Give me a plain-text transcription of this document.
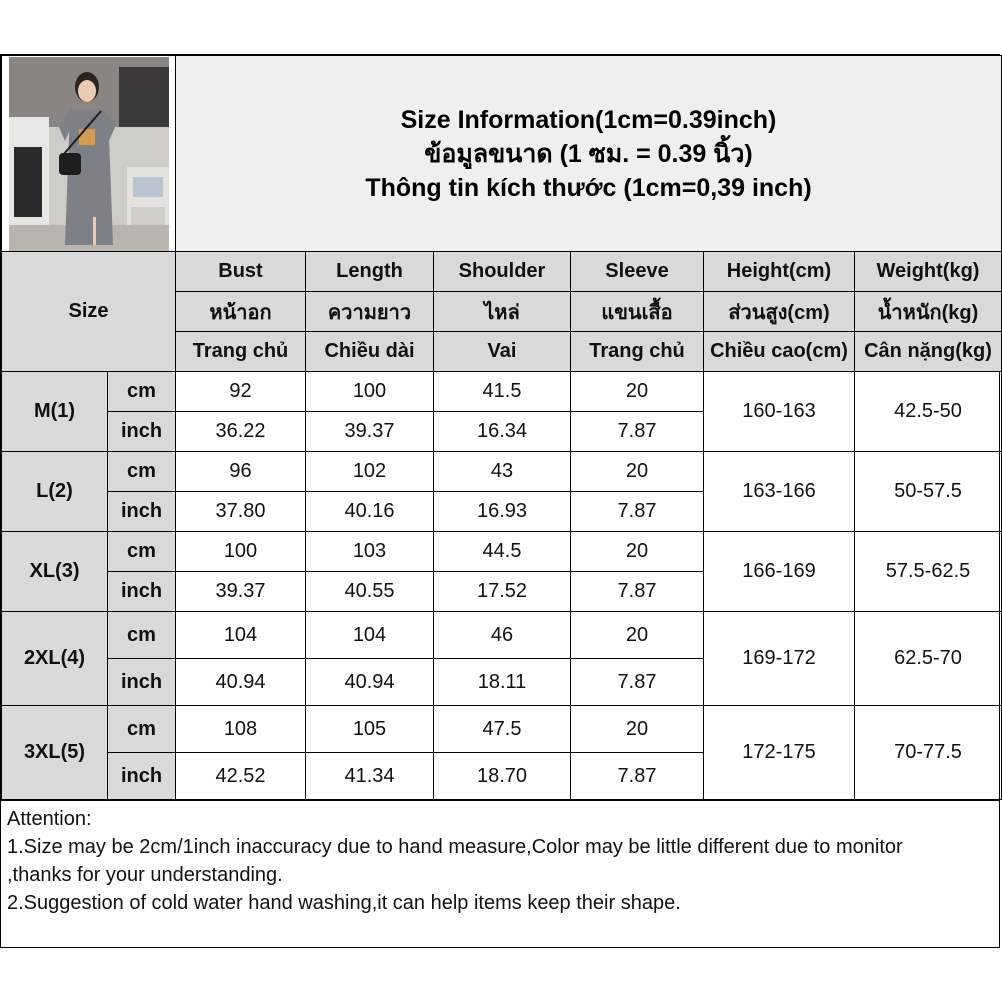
Size Information(1cm=0.39inch)
ข้อมูลขนาด (1 ซม. = 0.39 นิ้ว)
Thông tin kích thước (1cm=0,39 inch)					

Size		Bust	Length	Shoulder	Sleeve	Height(cm)	Weight(kg)
		หน้าอก	ความยาว	ไหล่	แขนเสื้อ	ส่วนสูง(cm)	น้ำหนัก(kg)
		Trang chủ	Chiều dài	Vai	Trang chủ	Chiều cao(cm)	Cân nặng(kg)
M(1)	cm	92	100	41.5	20	160-163	42.5-50
	inch	36.22	39.37	16.34	7.87		
L(2)	cm	96	102	43	20	163-166	50-57.5
	inch	37.80	40.16	16.93	7.87		
XL(3)	cm	100	103	44.5	20	166-169	57.5-62.5
	inch	39.37	40.55	17.52	7.87		
2XL(4)	cm	104	104	46	20	169-172	62.5-70
	inch	40.94	40.94	18.11	7.87		
3XL(5)	cm	108	105	47.5	20	172-175	70-77.5
	inch	42.52	41.34	18.70	7.87		
Attention:
1.Size may be 2cm/1inch inaccuracy due to hand measure,Color may be little different due to monitor
,thanks for your understanding.
2.Suggestion of cold water hand washing,it can help items keep their shape.
